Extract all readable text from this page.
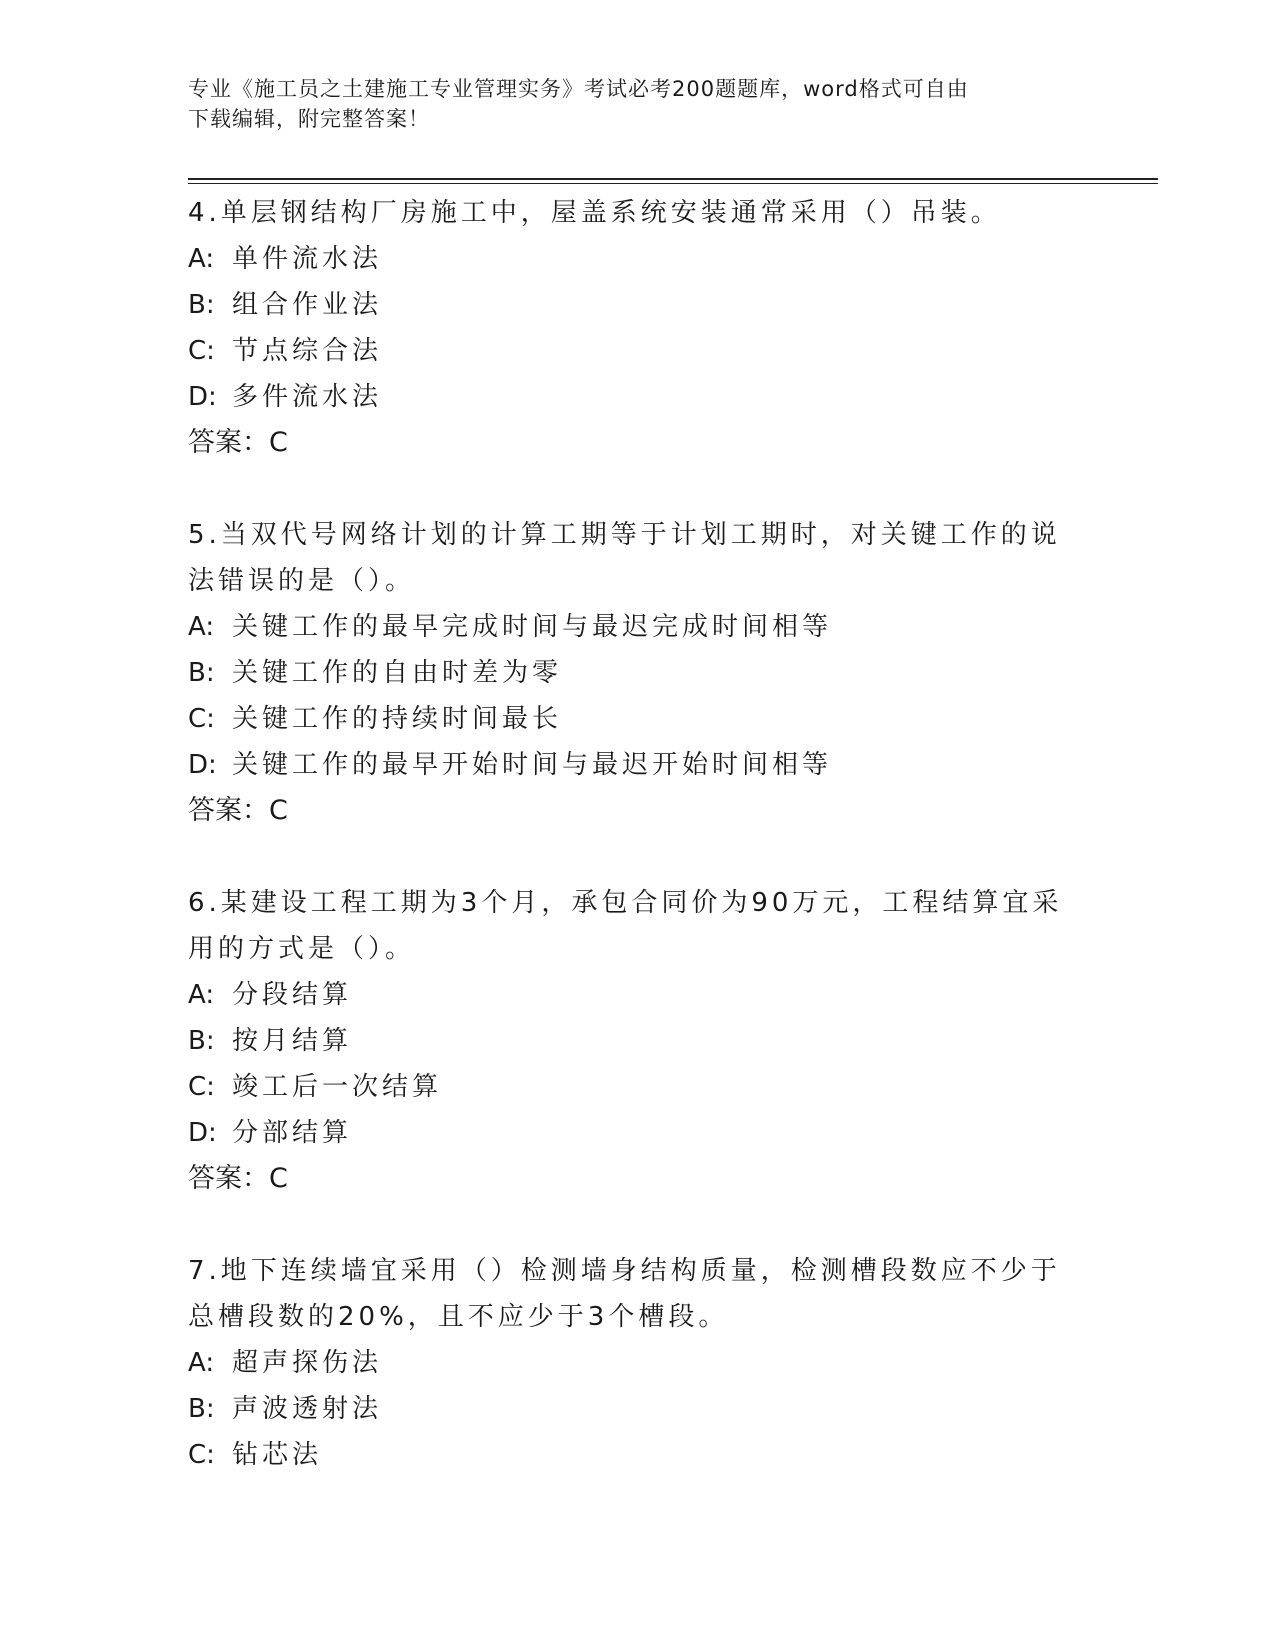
专业《施工员之土建施工专业管理实务》考试必考200题题库，word格式可自由
下载编辑，附完整答案！

4.单层钢结构厂房施工中，屋盖系统安装通常采用（）吊装。

A: 单件流水法

B: 组合作业法

C: 节点综合法

D: 多件流水法

答案：C

5.当双代号网络计划的计算工期等于计划工期时，对关键工作的说法错误的是（）。

A: 关键工作的最早完成时间与最迟完成时间相等

B: 关键工作的自由时差为零

C: 关键工作的持续时间最长

D: 关键工作的最早开始时间与最迟开始时间相等

答案：C

6.某建设工程工期为3个月，承包合同价为90万元，工程结算宜采用的方式是（）。

A: 分段结算

B: 按月结算

C: 竣工后一次结算

D: 分部结算

答案：C

7.地下连续墙宜采用（）检测墙身结构质量，检测槽段数应不少于总槽段数的20%，且不应少于3个槽段。

A: 超声探伤法

B: 声波透射法

C: 钻芯法
